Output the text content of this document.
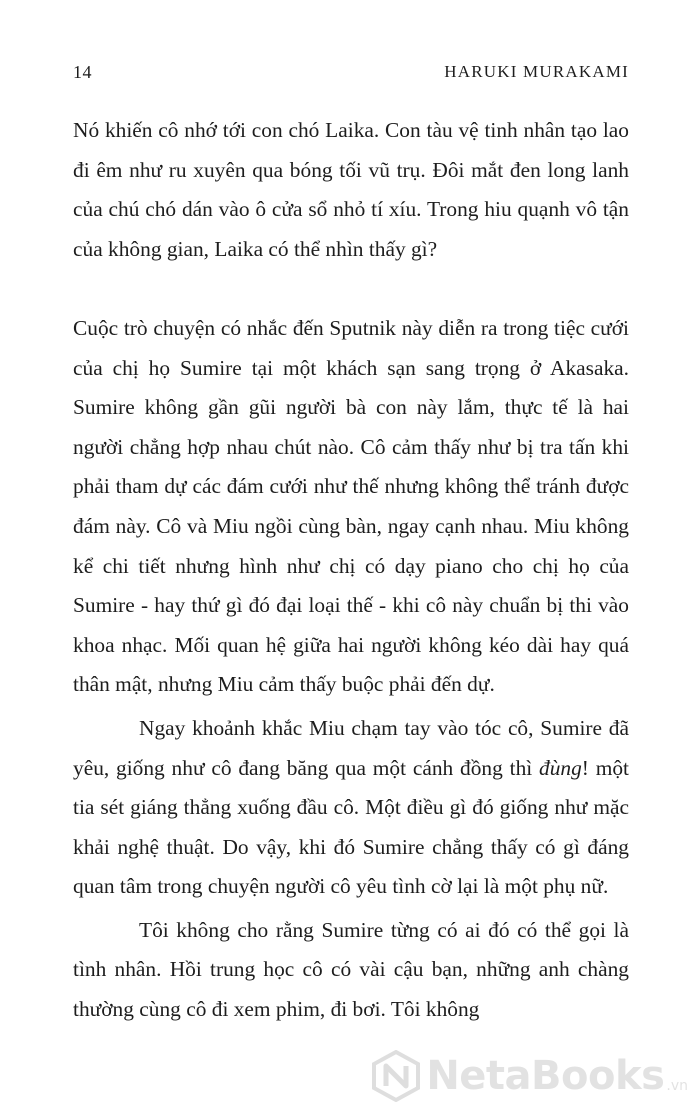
14	HARUKI MURAKAMI

Nó khiến cô nhớ tới con chó Laika. Con tàu vệ tinh nhân tạo lao đi êm như ru xuyên qua bóng tối vũ trụ. Đôi mắt đen long lanh của chú chó dán vào ô cửa sổ nhỏ tí xíu. Trong hiu quạnh vô tận của không gian, Laika có thể nhìn thấy gì?

Cuộc trò chuyện có nhắc đến Sputnik này diễn ra trong tiệc cưới của chị họ Sumire tại một khách sạn sang trọng ở Akasaka. Sumire không gần gũi người bà con này lắm, thực tế là hai người chẳng hợp nhau chút nào. Cô cảm thấy như bị tra tấn khi phải tham dự các đám cưới như thế nhưng không thể tránh được đám này. Cô và Miu ngồi cùng bàn, ngay cạnh nhau. Miu không kể chi tiết nhưng hình như chị có dạy piano cho chị họ của Sumire - hay thứ gì đó đại loại thế - khi cô này chuẩn bị thi vào khoa nhạc. Mối quan hệ giữa hai người không kéo dài hay quá thân mật, nhưng Miu cảm thấy buộc phải đến dự.

Ngay khoảnh khắc Miu chạm tay vào tóc cô, Sumire đã yêu, giống như cô đang băng qua một cánh đồng thì đùng! một tia sét giáng thẳng xuống đầu cô. Một điều gì đó giống như mặc khải nghệ thuật. Do vậy, khi đó Sumire chẳng thấy có gì đáng quan tâm trong chuyện người cô yêu tình cờ lại là một phụ nữ.

Tôi không cho rằng Sumire từng có ai đó có thể gọi là tình nhân. Hồi trung học cô có vài cậu bạn, những anh chàng thường cùng cô đi xem phim, đi bơi. Tôi không

NetaBooks .vn
